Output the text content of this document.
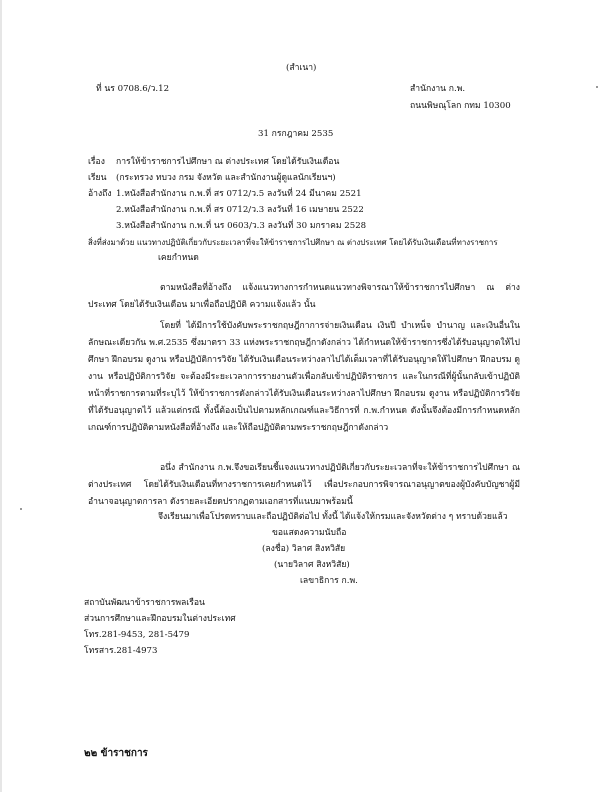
(สำเนา)
ที่ นร 0708.6/ว.12	สำนักงาน ก.พ.
ถนนพิษณุโลก กทม 10300
31 กรกฎาคม 2535
เรื่อง การให้ข้าราชการไปศึกษา ณ ต่างประเทศ โดยได้รับเงินเดือน
เรียน (กระทรวง ทบวง กรม จังหวัด และสำนักงานผู้ดูแลนักเรียนฯ)
อ้างถึง 1.หนังสือสำนักงาน ก.พ.ที่ สร 0712/ว.5 ลงวันที่ 24 มีนาคม 2521
2.หนังสือสำนักงาน ก.พ.ที่ สร 0712/ว.3 ลงวันที่ 16 เมษายน 2522
3.หนังสือสำนักงาน ก.พ.ที่ นร 0603/ว.3 ลงวันที่ 30 มกราคม 2528
สิ่งที่ส่งมาด้วย แนวทางปฏิบัติเกี่ยวกับระยะเวลาที่จะให้ข้าราชการไปศึกษา ณ ต่างประเทศ โดยได้รับเงินเดือนที่ทางราชการ
เคยกำหนด
ตามหนังสือที่อ้างถึง แจ้งแนวทางการกำหนดแนวทางพิจารณาให้ข้าราชการไปศึกษา ณ ต่างประเทศ โดยได้รับเงินเดือน มาเพื่อถือปฏิบัติ ความแจ้งแล้ว นั้น
โดยที่ ได้มีการใช้บังคับพระราชกฤษฎีกาการจ่ายเงินเดือน เงินปี บำเหน็จ บำนาญ และเงินอื่นในลักษณะเดียวกัน พ.ศ.2535 ซึ่งมาตรา 33 แห่งพระราชกฤษฎีกาดังกล่าว ได้กำหนดให้ข้าราชการซึ่งได้รับอนุญาตให้ไปศึกษา ฝึกอบรม ดูงาน หรือปฏิบัติการวิจัย ได้รับเงินเดือนระหว่างลาไปได้เต็มเวลาที่ได้รับอนุญาตให้ไปศึกษา ฝึกอบรม ดูงาน หรือปฏิบัติการวิจัย จะต้องมีระยะเวลาการรายงานตัวเพื่อกลับเข้าปฏิบัติราชการ และในกรณีที่ผู้นั้นกลับเข้าปฏิบัติหน้าที่ราชการตามที่ระบุไว้ ให้ข้าราชการดังกล่าวได้รับเงินเดือนระหว่างลาไปศึกษา ฝึกอบรม ดูงาน หรือปฏิบัติการวิจัยที่ได้รับอนุญาตไว้ แล้วแต่กรณี ทั้งนี้ต้องเป็นไปตามหลักเกณฑ์และวิธีการที่ ก.พ.กำหนด ดังนั้นจึงต้องมีการกำหนดหลักเกณฑ์การปฏิบัติตามหนังสือที่อ้างถึง และให้ถือปฏิบัติตามพระราชกฤษฎีกาดังกล่าว
อนึ่ง สำนักงาน ก.พ.จึงขอเรียนชี้แจงแนวทางปฏิบัติเกี่ยวกับระยะเวลาที่จะให้ข้าราชการไปศึกษา ณ ต่างประเทศ โดยได้รับเงินเดือนที่ทางราชการเคยกำหนดไว้ เพื่อประกอบการพิจารณาอนุญาตของผู้บังคับบัญชาผู้มีอำนาจอนุญาตการลา ดังรายละเอียดปรากฏตามเอกสารที่แนบมาพร้อมนี้
จึงเรียนมาเพื่อโปรดทราบและถือปฏิบัติต่อไป ทั้งนี้ ได้แจ้งให้กรมและจังหวัดต่าง ๆ ทราบด้วยแล้ว
ขอแสดงความนับถือ
(ลงชื่อ) วิลาศ สิงหวิสัย
(นายวิลาศ สิงหวิสัย)
เลขาธิการ ก.พ.
สถาบันพัฒนาข้าราชการพลเรือน
ส่วนการศึกษาและฝึกอบรมในต่างประเทศ
โทร.281-9453, 281-5479
โทรสาร.281-4973
๒๒ ข้าราชการ
